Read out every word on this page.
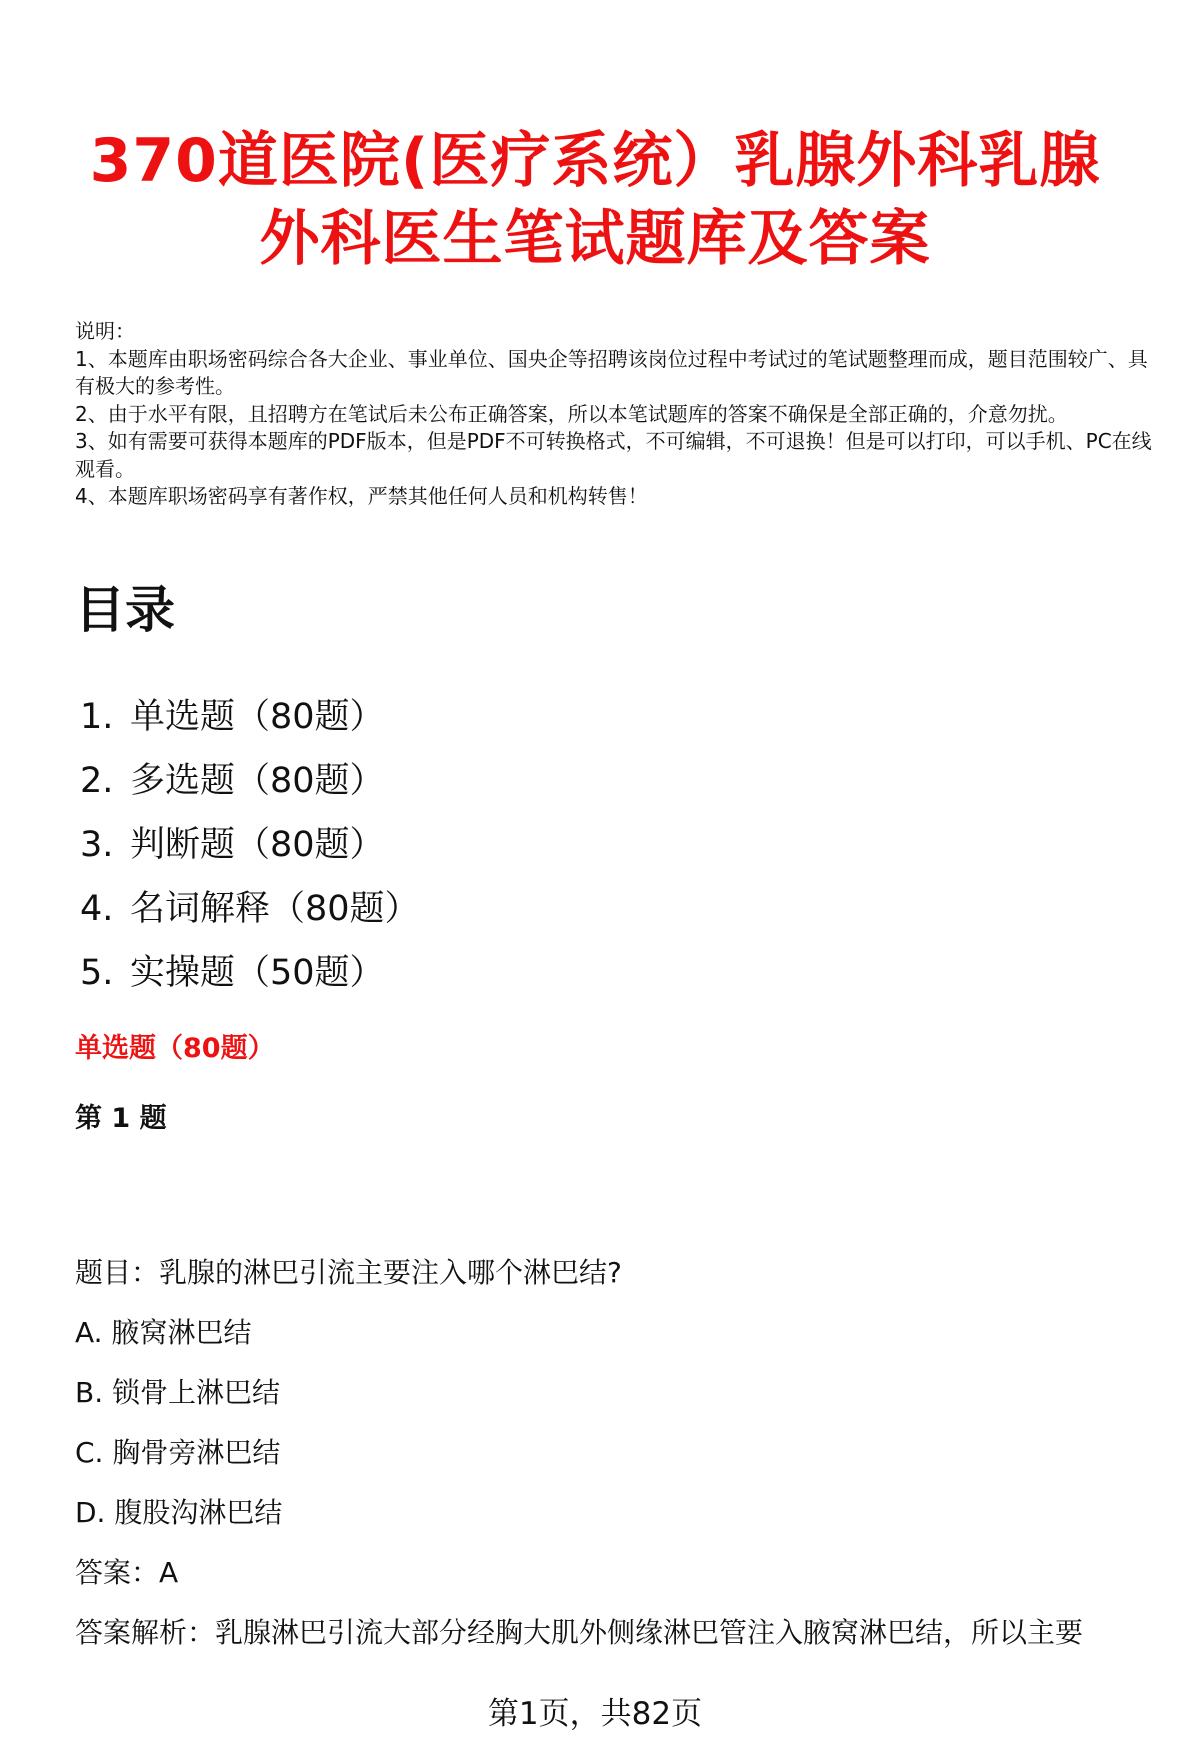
370道医院(医疗系统）乳腺外科乳腺外科医生笔试题库及答案
说明：
1、本题库由职场密码综合各大企业、事业单位、国央企等招聘该岗位过程中考试过的笔试题整理而成，题目范围较广、具有极大的参考性。
2、由于水平有限，且招聘方在笔试后未公布正确答案，所以本笔试题库的答案不确保是全部正确的，介意勿扰。
3、如有需要可获得本题库的PDF版本，但是PDF不可转换格式，不可编辑，不可退换！但是可以打印，可以手机、PC在线观看。
4、本题库职场密码享有著作权，严禁其他任何人员和机构转售！
目录
1. 单选题（80题）
2. 多选题（80题）
3. 判断题（80题）
4. 名词解释（80题）
5. 实操题（50题）
单选题（80题）
第 1 题
题目：乳腺的淋巴引流主要注入哪个淋巴结?
A. 腋窝淋巴结
B. 锁骨上淋巴结
C. 胸骨旁淋巴结
D. 腹股沟淋巴结
答案：A
答案解析：乳腺淋巴引流大部分经胸大肌外侧缘淋巴管注入腋窝淋巴结，所以主要
第1页，共82页
